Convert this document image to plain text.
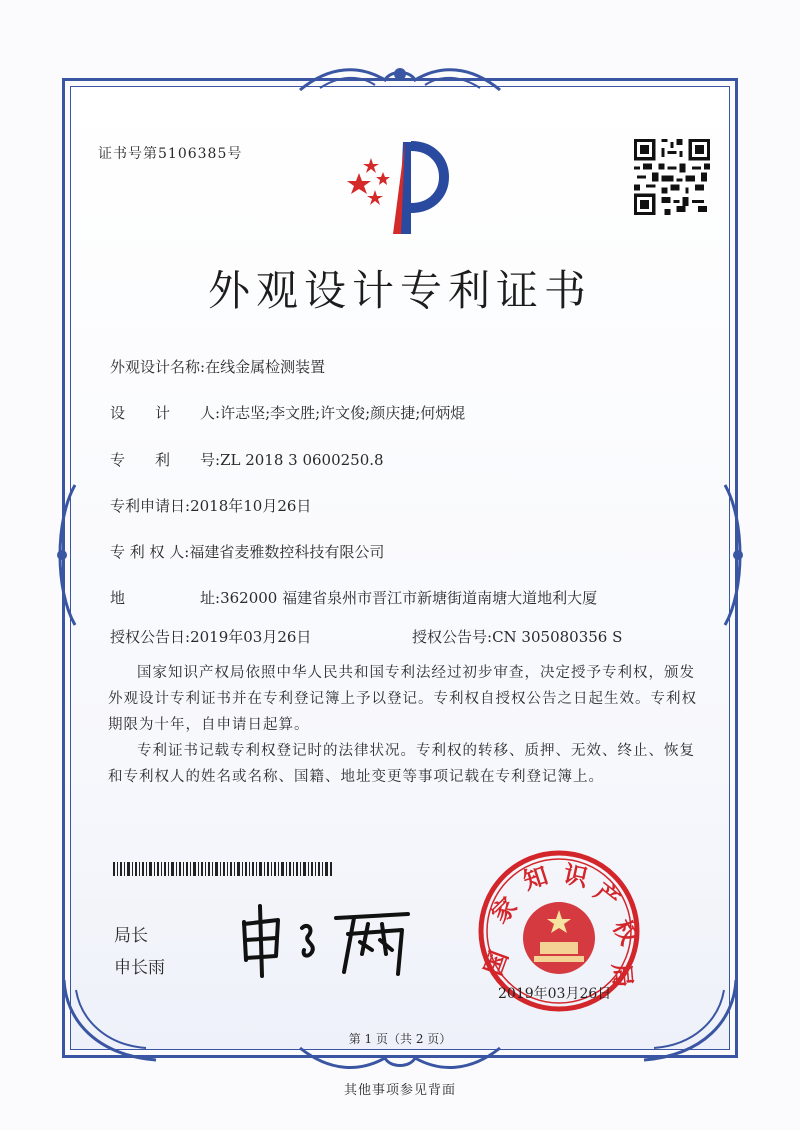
证书号第5106385号
外观设计专利证书
外观设计名称:在线金属检测装置
设　　计　　人:许志坚;李文胜;许文俊;颜庆捷;何炳焜
专　　利　　号:ZL 2018 3 0600250.8
专利申请日:2018年10月26日
专 利 权 人:福建省麦雅数控科技有限公司
地　　　　　址:362000 福建省泉州市晋江市新塘街道南塘大道地利大厦
授权公告日:2019年03月26日	授权公告号:CN 305080356 S
国家知识产权局依照中华人民共和国专利法经过初步审查，决定授予专利权，颁发外观设计专利证书并在专利登记簿上予以登记。专利权自授权公告之日起生效。专利权期限为十年，自申请日起算。
专利证书记载专利权登记时的法律状况。专利权的转移、质押、无效、终止、恢复和专利权人的姓名或名称、国籍、地址变更等事项记载在专利登记簿上。
局长
申长雨	国
家
知 识
产
权
局
2019年03月26日
第 1 页（共 2 页）
其他事项参见背面
